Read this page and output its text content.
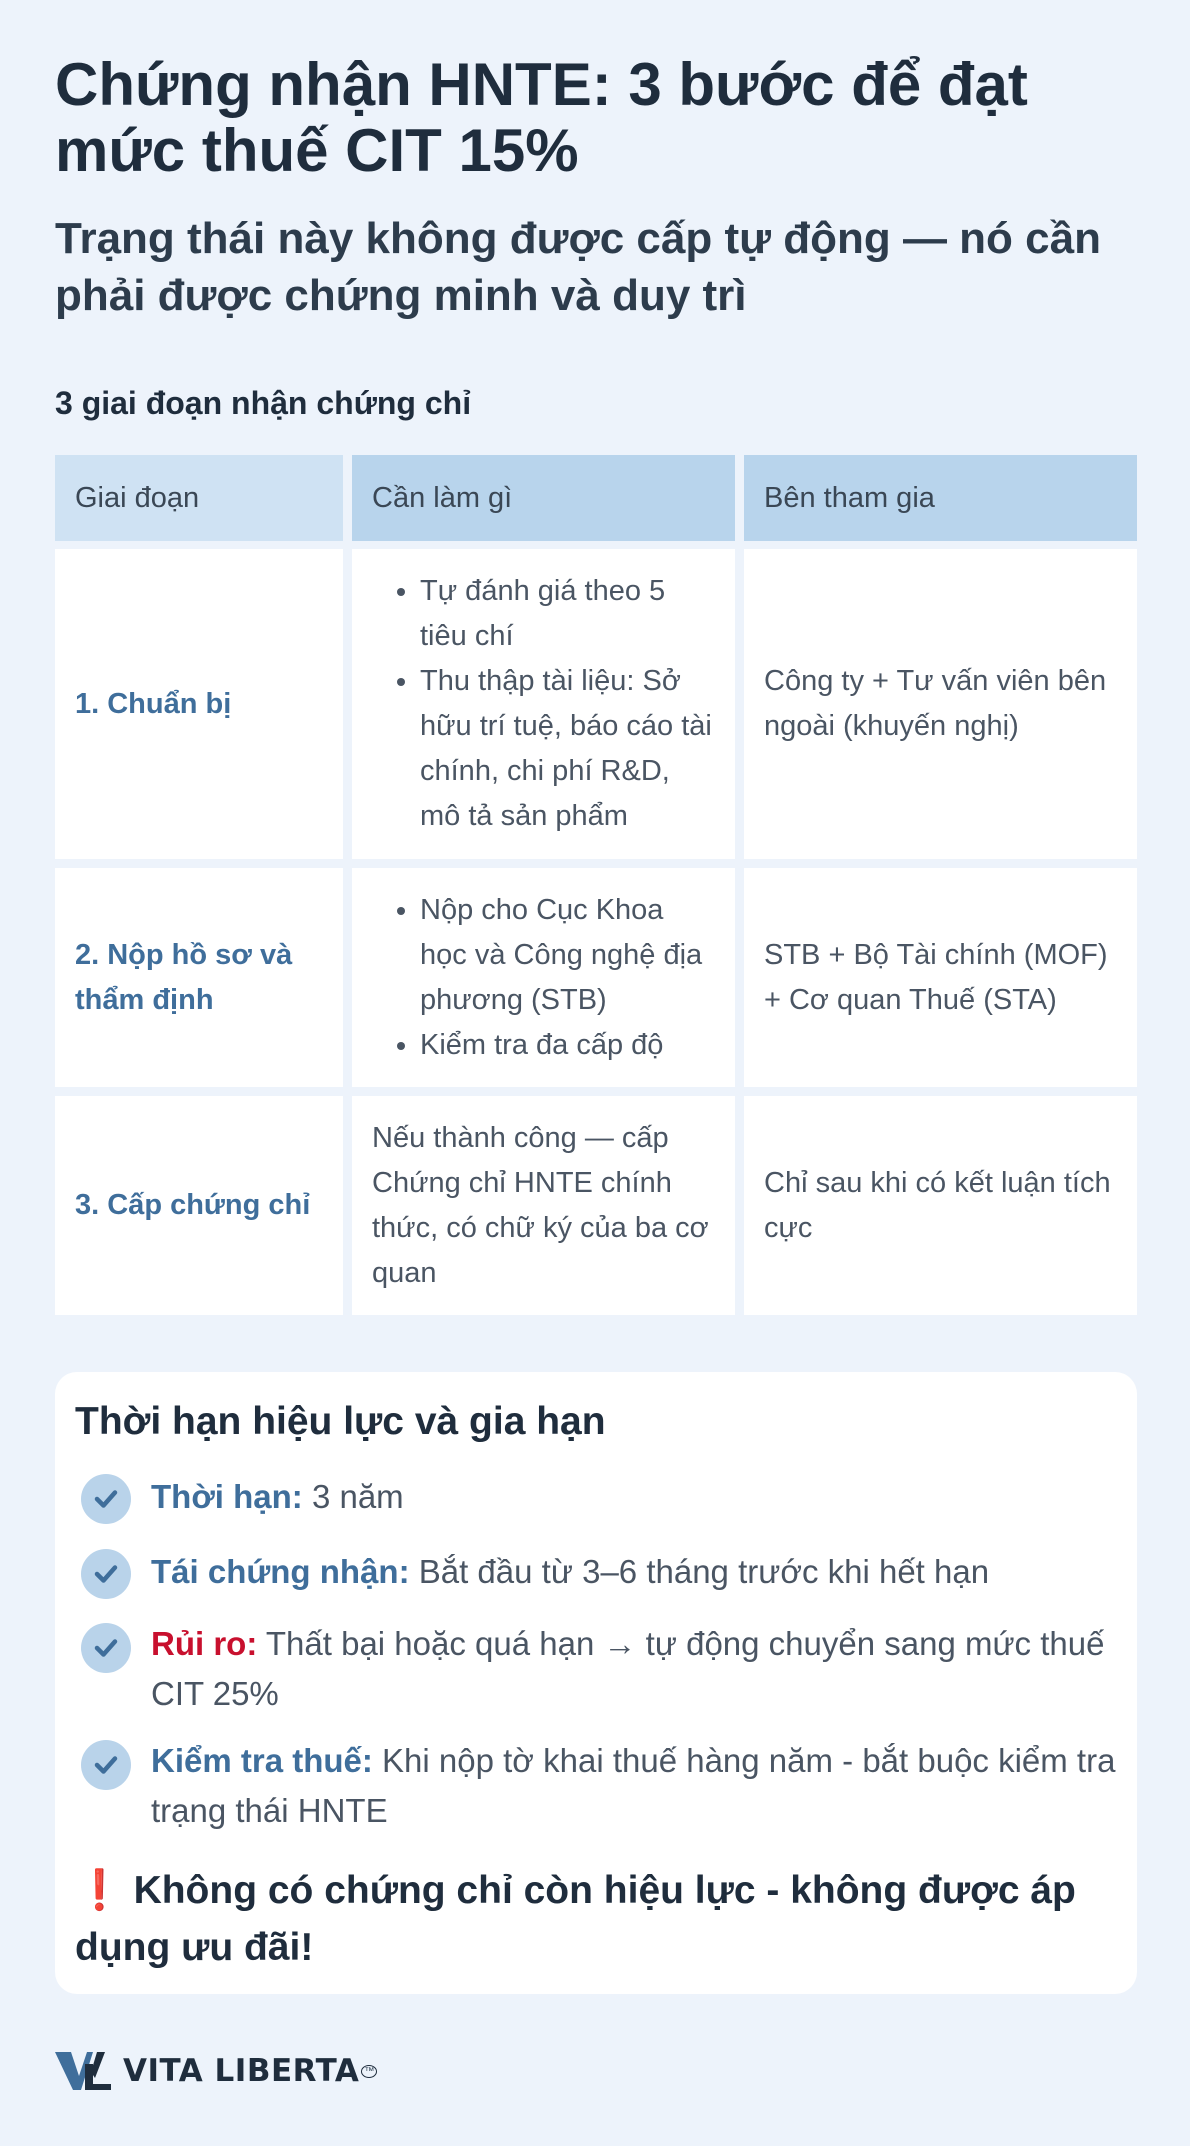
Chứng nhận HNTE: 3 bước để đạt mức thuế CIT 15%
Trạng thái này không được cấp tự động — nó cần phải được chứng minh và duy trì
3 giai đoạn nhận chứng chỉ
Giai đoạn	Cần làm gì	Bên tham gia
1. Chuẩn bị
• Tự đánh giá theo 5 tiêu chí
• Thu thập tài liệu: Sở hữu trí tuệ, báo cáo tài chính, chi phí R&D, mô tả sản phẩm
Công ty + Tư vấn viên bên ngoài (khuyến nghị)
2. Nộp hồ sơ và thẩm định
• Nộp cho Cục Khoa học và Công nghệ địa phương (STB)
• Kiểm tra đa cấp độ
STB + Bộ Tài chính (MOF) + Cơ quan Thuế (STA)
3. Cấp chứng chỉ
Nếu thành công — cấp Chứng chỉ HNTE chính thức, có chữ ký của ba cơ quan
Chỉ sau khi có kết luận tích cực
Thời hạn hiệu lực và gia hạn
Thời hạn: 3 năm
Tái chứng nhận: Bắt đầu từ 3–6 tháng trước khi hết hạn
Rủi ro: Thất bại hoặc quá hạn → tự động chuyển sang mức thuế CIT 25%
Kiểm tra thuế: Khi nộp tờ khai thuế hàng năm - bắt buộc kiểm tra trạng thái HNTE
❗ Không có chứng chỉ còn hiệu lực - không được áp dụng ưu đãi!
VITA LIBERTA ™
